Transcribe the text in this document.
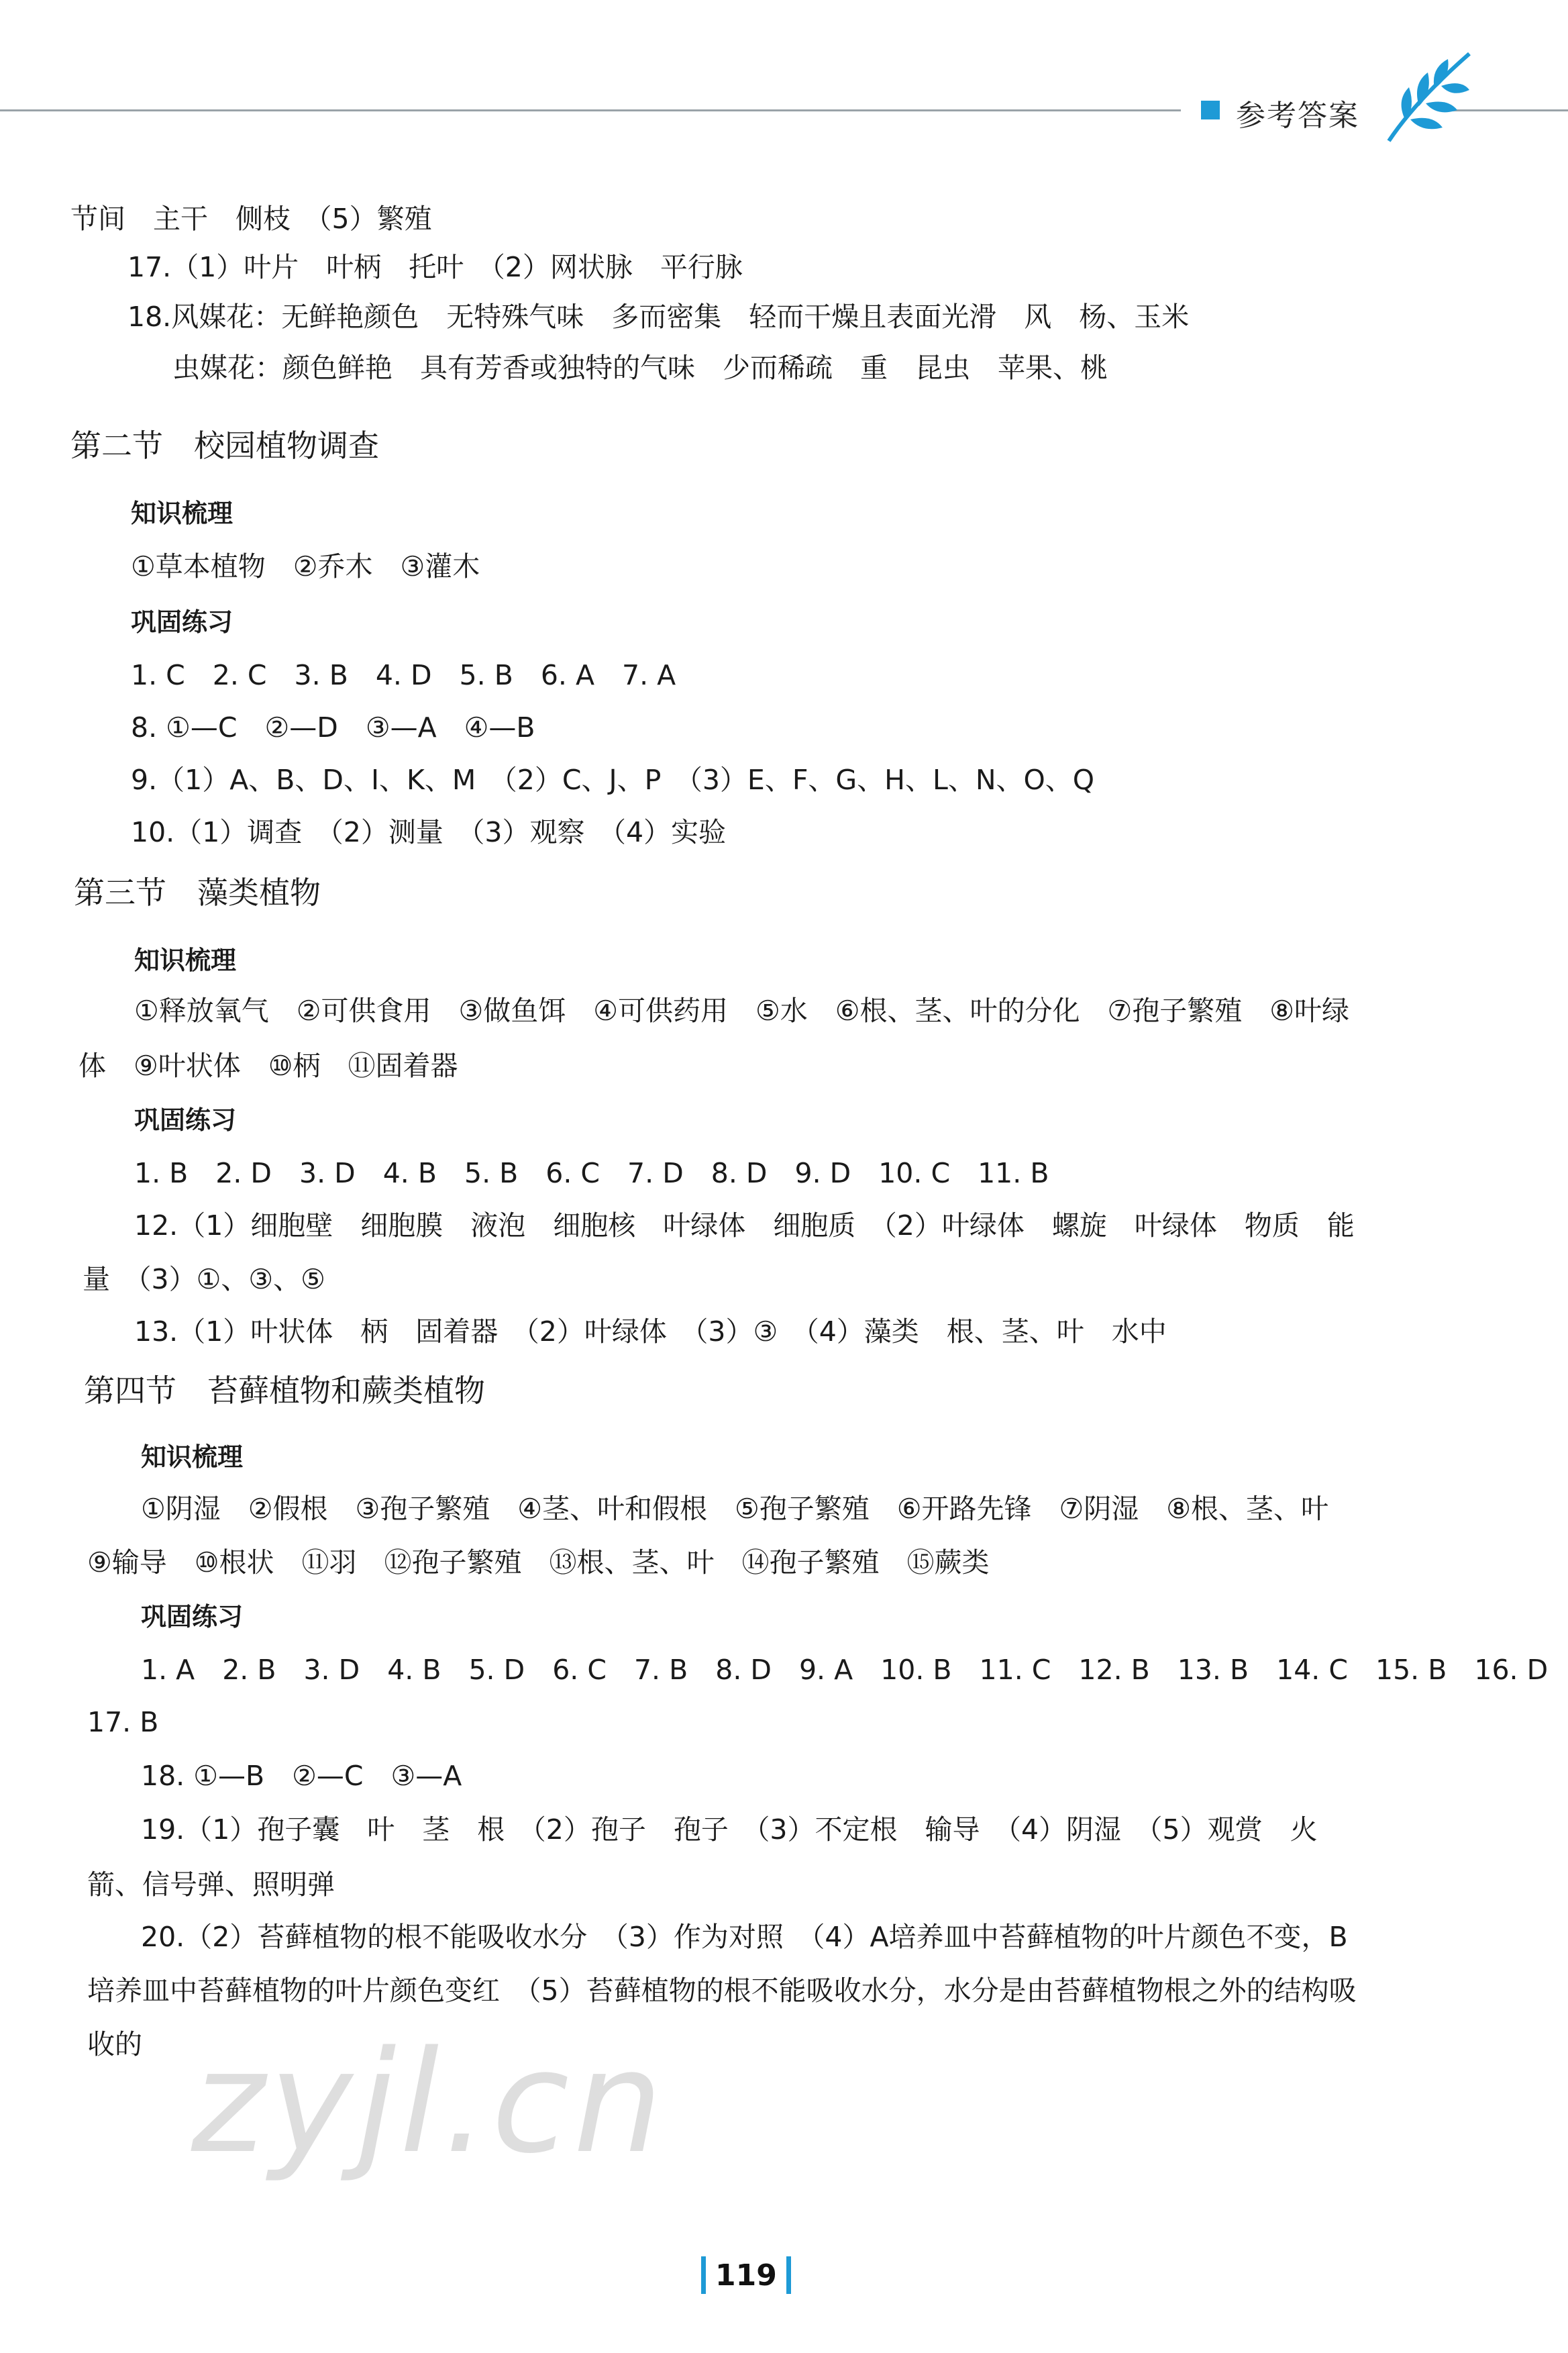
参考答案
节间　主干　侧枝　（5）繁殖
17.（1）叶片　叶柄　托叶　（2）网状脉　平行脉
18.风媒花：无鲜艳颜色　无特殊气味　多而密集　轻而干燥且表面光滑　风　杨、玉米
虫媒花：颜色鲜艳　具有芳香或独特的气味　少而稀疏　重　昆虫　苹果、桃
第二节　校园植物调查
知识梳理
①草本植物　②乔木　③灌木
巩固练习
1. C　2. C　3. B　4. D　5. B　6. A　7. A
8. ①—C　②—D　③—A　④—B
9.（1）A、B、D、I、K、M　（2）C、J、P　（3）E、F、G、H、L、N、O、Q
10.（1）调查　（2）测量　（3）观察　（4）实验
第三节　藻类植物
知识梳理
①释放氧气　②可供食用　③做鱼饵　④可供药用　⑤水　⑥根、茎、叶的分化　⑦孢子繁殖　⑧叶绿
体　⑨叶状体　⑩柄　⑪固着器
巩固练习
1. B　2. D　3. D　4. B　5. B　6. C　7. D　8. D　9. D　10. C　11. B
12.（1）细胞壁　细胞膜　液泡　细胞核　叶绿体　细胞质　（2）叶绿体　螺旋　叶绿体　物质　能
量　（3）①、③、⑤
13.（1）叶状体　柄　固着器　（2）叶绿体　（3）③　（4）藻类　根、茎、叶　水中
第四节　苔藓植物和蕨类植物
知识梳理
①阴湿　②假根　③孢子繁殖　④茎、叶和假根　⑤孢子繁殖　⑥开路先锋　⑦阴湿　⑧根、茎、叶
⑨输导　⑩根状　⑪羽　⑫孢子繁殖　⑬根、茎、叶　⑭孢子繁殖　⑮蕨类
巩固练习
1. A　2. B　3. D　4. B　5. D　6. C　7. B　8. D　9. A　10. B　11. C　12. B　13. B　14. C　15. B　16. D
17. B
18. ①—B　②—C　③—A
19.（1）孢子囊　叶　茎　根　（2）孢子　孢子　（3）不定根　输导　（4）阴湿　（5）观赏　火
箭、信号弹、照明弹
20.（2）苔藓植物的根不能吸收水分　（3）作为对照　（4）A培养皿中苔藓植物的叶片颜色不变，B
培养皿中苔藓植物的叶片颜色变红　（5）苔藓植物的根不能吸收水分，水分是由苔藓植物根之外的结构吸
收的 zyjl.cn
119
